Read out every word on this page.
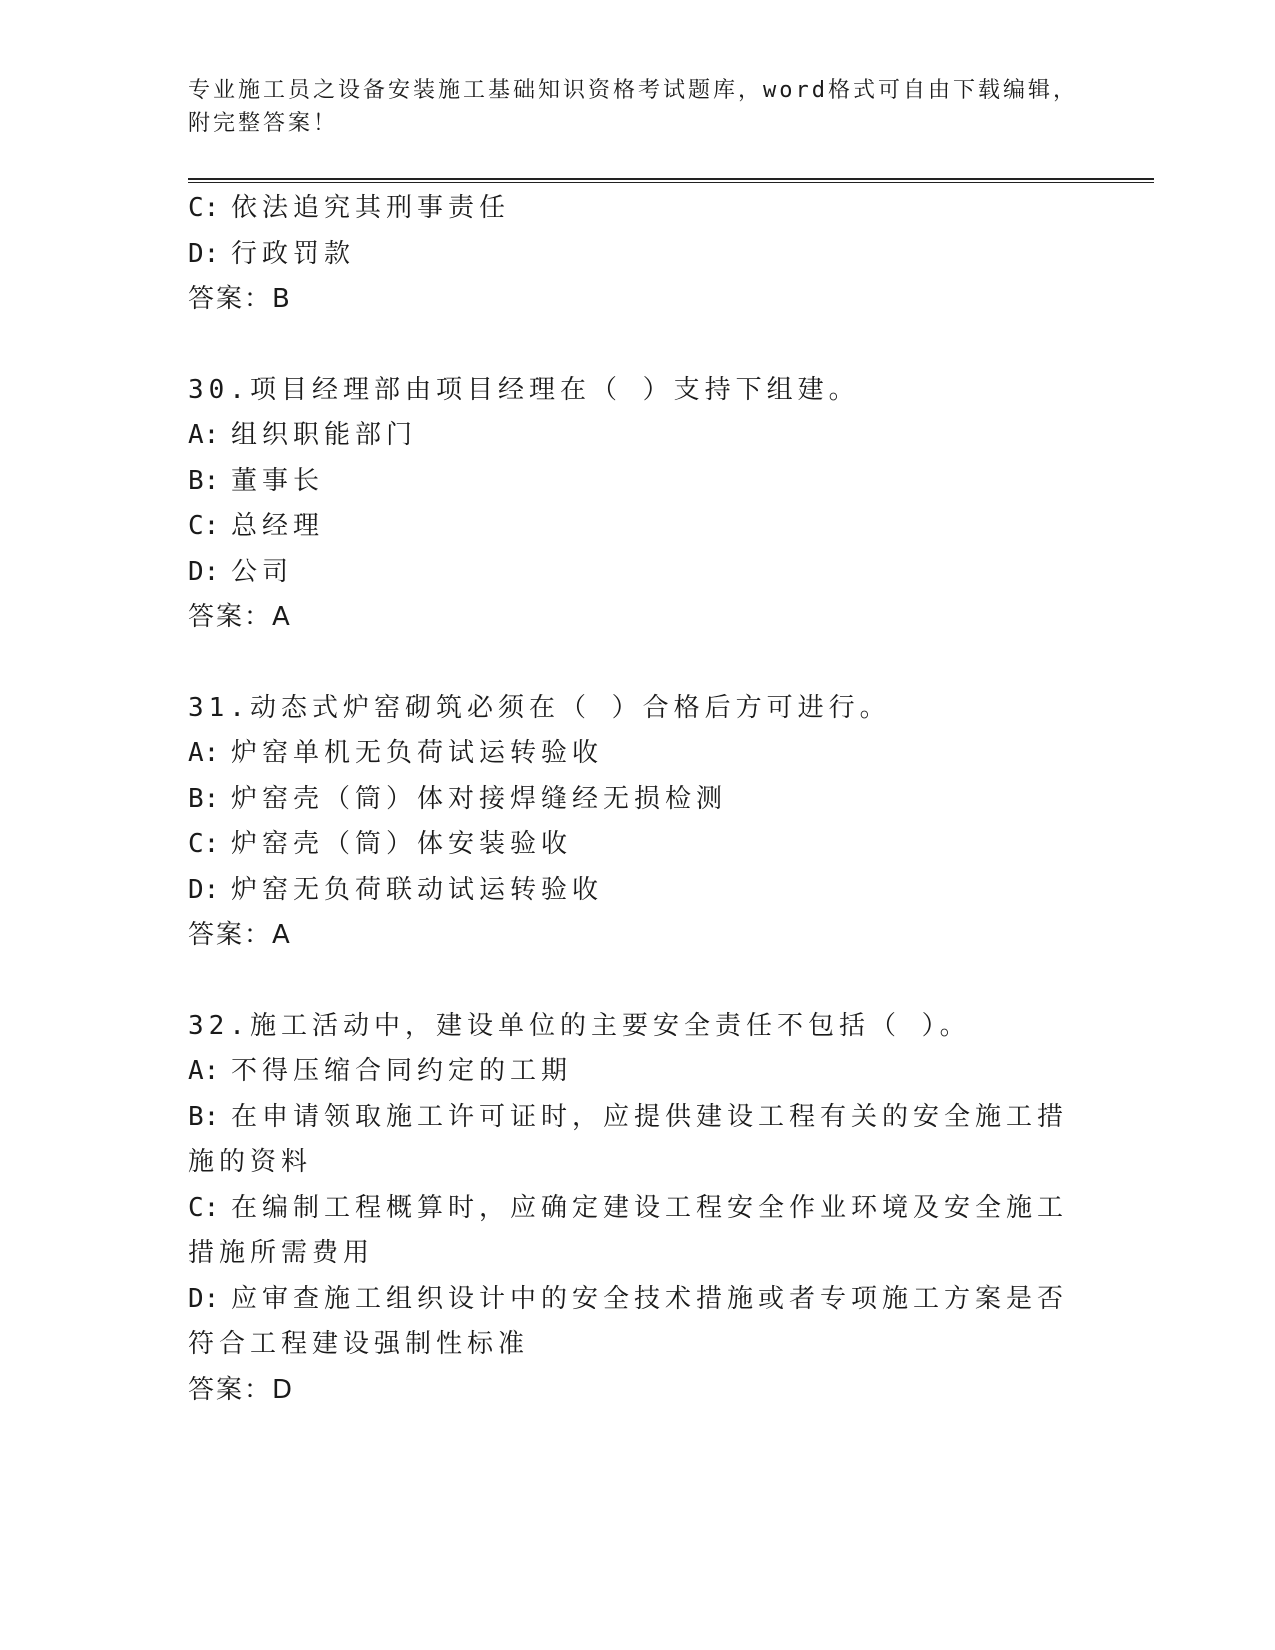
专业施工员之设备安装施工基础知识资格考试题库，word格式可自由下载编辑，
附完整答案！
C: 依法追究其刑事责任
D: 行政罚款
答案：B
30.项目经理部由项目经理在（ ）支持下组建。
A: 组织职能部门
B: 董事长
C: 总经理
D: 公司
答案：A
31.动态式炉窑砌筑必须在（ ）合格后方可进行。
A: 炉窑单机无负荷试运转验收
B: 炉窑壳（筒）体对接焊缝经无损检测
C: 炉窑壳（筒）体安装验收
D: 炉窑无负荷联动试运转验收
答案：A
32.施工活动中，建设单位的主要安全责任不包括（ ）。
A: 不得压缩合同约定的工期
B: 在申请领取施工许可证时，应提供建设工程有关的安全施工措施的资料
C: 在编制工程概算时，应确定建设工程安全作业环境及安全施工措施所需费用
D: 应审查施工组织设计中的安全技术措施或者专项施工方案是否符合工程建设强制性标准
答案：D
